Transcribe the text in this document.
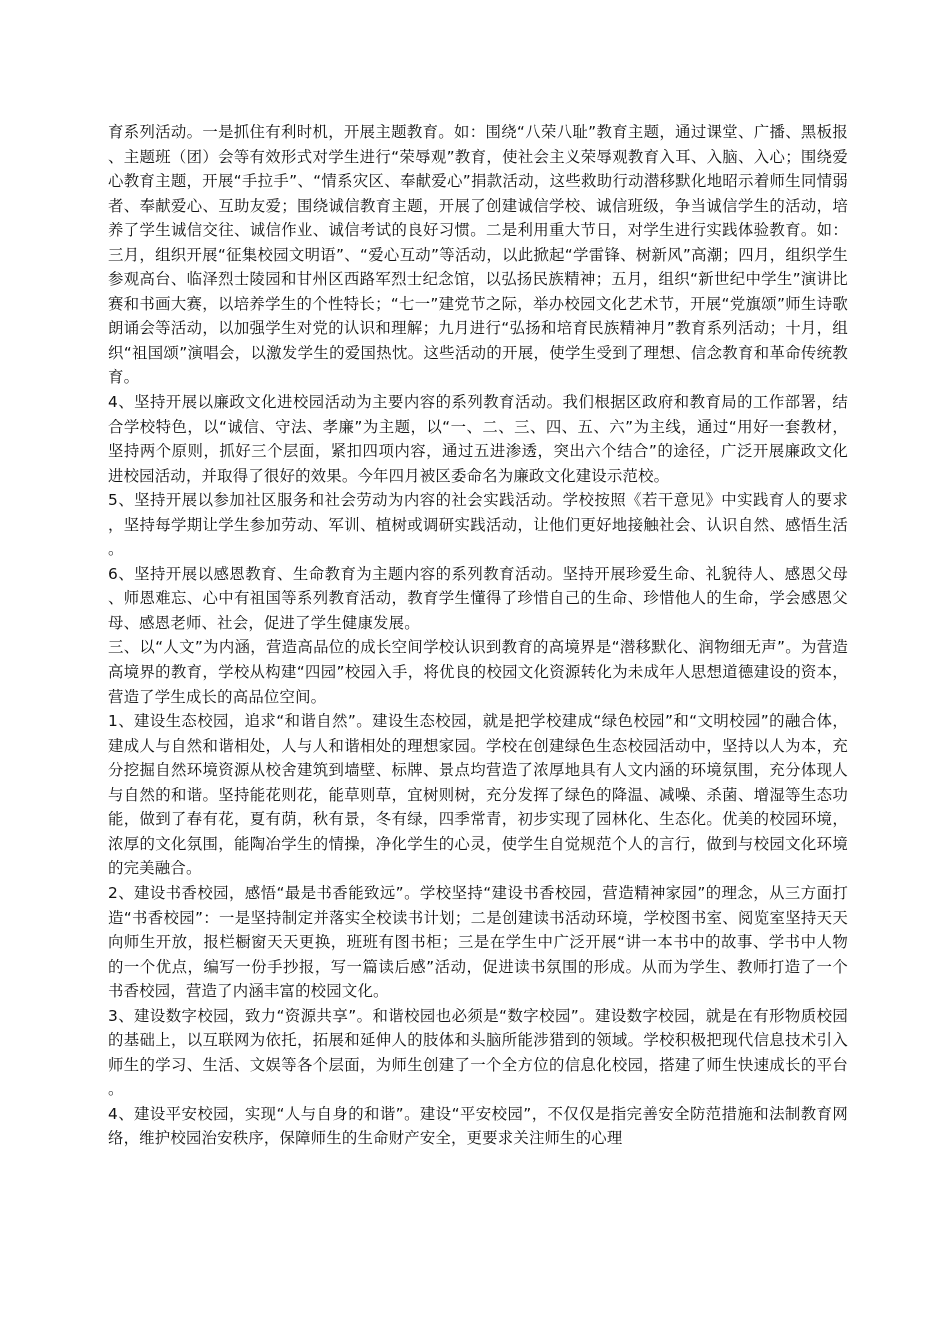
育系列活动。一是抓住有利时机，开展主题教育。如：围绕“八荣八耻”教育主题，通过课堂、广播、黑板报、主题班（团）会等有效形式对学生进行“荣辱观”教育，使社会主义荣辱观教育入耳、入脑、入心；围绕爱心教育主题，开展“手拉手”、“情系灾区、奉献爱心”捐款活动，这些救助行动潜移默化地昭示着师生同情弱者、奉献爱心、互助友爱；围绕诚信教育主题，开展了创建诚信学校、诚信班级，争当诚信学生的活动，培养了学生诚信交往、诚信作业、诚信考试的良好习惯。二是利用重大节日，对学生进行实践体验教育。如：三月，组织开展“征集校园文明语”、“爱心互动”等活动，以此掀起“学雷锋、树新风”高潮；四月，组织学生参观高台、临泽烈士陵园和甘州区西路军烈士纪念馆，以弘扬民族精神；五月，组织“新世纪中学生”演讲比赛和书画大赛，以培养学生的个性特长；“七一”建党节之际，举办校园文化艺术节，开展“党旗颂”师生诗歌朗诵会等活动，以加强学生对党的认识和理解；九月进行“弘扬和培育民族精神月”教育系列活动；十月，组织“祖国颂”演唱会，以激发学生的爱国热忱。这些活动的开展，使学生受到了理想、信念教育和革命传统教育。

4、坚持开展以廉政文化进校园活动为主要内容的系列教育活动。我们根据区政府和教育局的工作部署，结合学校特色，以“诚信、守法、孝廉”为主题，以“一、二、三、四、五、六”为主线，通过“用好一套教材，坚持两个原则，抓好三个层面，紧扣四项内容，通过五进渗透，突出六个结合”的途径，广泛开展廉政文化进校园活动，并取得了很好的效果。今年四月被区委命名为廉政文化建设示范校。

5、坚持开展以参加社区服务和社会劳动为内容的社会实践活动。学校按照《若干意见》中实践育人的要求，坚持每学期让学生参加劳动、军训、植树或调研实践活动，让他们更好地接触社会、认识自然、感悟生活。

6、坚持开展以感恩教育、生命教育为主题内容的系列教育活动。坚持开展珍爱生命、礼貌待人、感恩父母、师恩难忘、心中有祖国等系列教育活动，教育学生懂得了珍惜自己的生命、珍惜他人的生命，学会感恩父母、感恩老师、社会，促进了学生健康发展。

三、以“人文”为内涵，营造高品位的成长空间学校认识到教育的高境界是“潜移默化、润物细无声”。为营造高境界的教育，学校从构建“四园”校园入手，将优良的校园文化资源转化为未成年人思想道德建设的资本，营造了学生成长的高品位空间。

1、建设生态校园，追求“和谐自然”。建设生态校园，就是把学校建成“绿色校园”和“文明校园”的融合体，建成人与自然和谐相处，人与人和谐相处的理想家园。学校在创建绿色生态校园活动中，坚持以人为本，充分挖掘自然环境资源从校舍建筑到墙壁、标牌、景点均营造了浓厚地具有人文内涵的环境氛围，充分体现人与自然的和谐。坚持能花则花，能草则草，宜树则树，充分发挥了绿色的降温、减噪、杀菌、增湿等生态功能，做到了春有花，夏有荫，秋有景，冬有绿，四季常青，初步实现了园林化、生态化。优美的校园环境，浓厚的文化氛围，能陶冶学生的情操，净化学生的心灵，使学生自觉规范个人的言行，做到与校园文化环境的完美融合。

2、建设书香校园，感悟“最是书香能致远”。学校坚持“建设书香校园，营造精神家园”的理念，从三方面打造“书香校园”：一是坚持制定并落实全校读书计划；二是创建读书活动环境，学校图书室、阅览室坚持天天向师生开放，报栏橱窗天天更换，班班有图书柜；三是在学生中广泛开展“讲一本书中的故事、学书中人物的一个优点，编写一份手抄报，写一篇读后感”活动，促进读书氛围的形成。从而为学生、教师打造了一个书香校园，营造了内涵丰富的校园文化。

3、建设数字校园，致力“资源共享”。和谐校园也必须是“数字校园”。建设数字校园，就是在有形物质校园的基础上，以互联网为依托，拓展和延伸人的肢体和头脑所能涉猎到的领域。学校积极把现代信息技术引入师生的学习、生活、文娱等各个层面，为师生创建了一个全方位的信息化校园，搭建了师生快速成长的平台。

4、建设平安校园，实现“人与自身的和谐”。建设“平安校园”，不仅仅是指完善安全防范措施和法制教育网络，维护校园治安秩序，保障师生的生命财产安全，更要求关注师生的心理
